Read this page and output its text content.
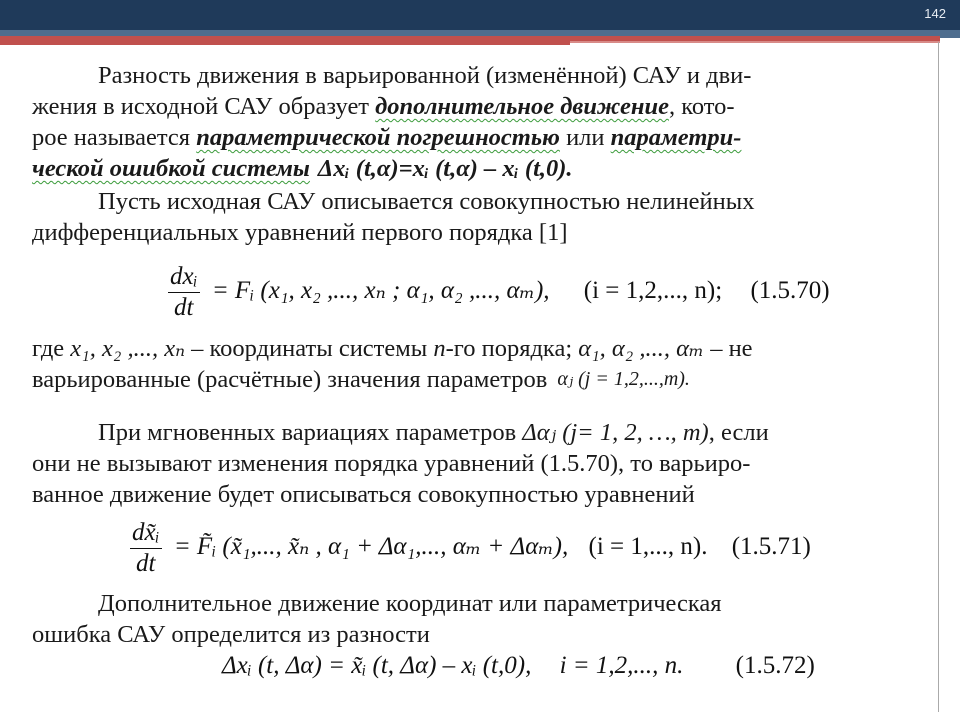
142
Разность движения в варьированной (изменённой) САУ и дви-
жения в исходной САУ образует дополнительное движение, кото-
рое называется параметрической погрешностью или параметри-
ческой ошибкой системы Δxᵢ (t,α)=xᵢ (t,α) – xᵢ (t,0).
Пусть исходная САУ описывается совокупностью нелинейных
дифференциальных уравнений первого порядка [1]
$\frac{\text{dxᵢ}}{dt}$ = Fᵢ (x₁, x₂ ,..., xₙ ; α₁, α₂ ,..., αₘ), (i = 1,2,..., n); (1.5.70)
где x₁, x₂ ,..., xₙ – координаты системы n-го порядка; α₁, α₂ ,..., αₘ – не
варьированные (расчётные) значения параметров αⱼ (j = 1,2,...,m).
При мгновенных вариациях параметров Δαⱼ (j= 1, 2, …, m), если
они не вызывают изменения порядка уравнений (1.5.70), то варьиро-
ванное движение будет описываться совокупностью уравнений
$\frac{\text{dx̃ᵢ}}{dt}$ = F̃ᵢ (x̃₁,..., x̃ₙ , α₁ + Δα₁,..., αₘ + Δαₘ), (i = 1,..., n). (1.5.71)
Дополнительное движение координат или параметрическая
ошибка САУ определится из разности
Δxᵢ (t, Δα) = x̃ᵢ (t, Δα) – xᵢ (t,0), i = 1,2,..., n. (1.5.72)
